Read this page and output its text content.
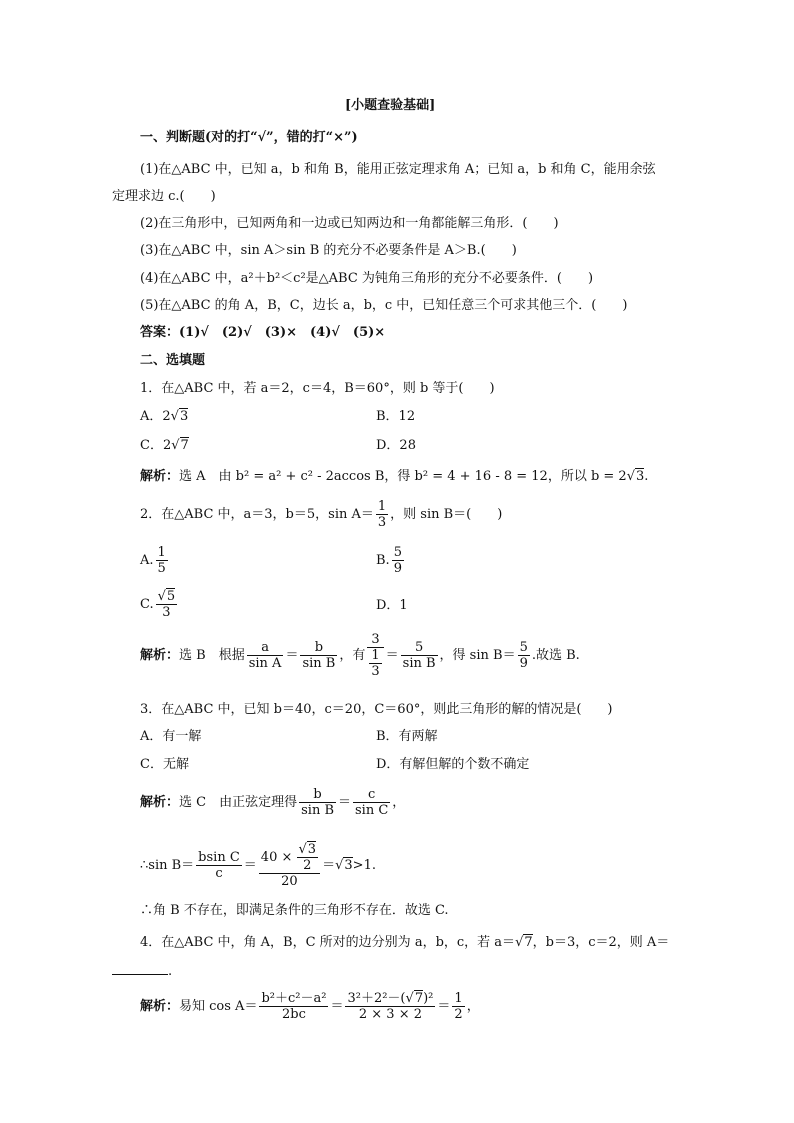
[小题查验基础]
一、判断题(对的打“√”，错的打“×”)
(1)在△ABC 中，已知 a，b 和角 B，能用正弦定理求角 A；已知 a，b 和角 C，能用余弦
定理求边 c.(　　)
(2)在三角形中，已知两角和一边或已知两边和一角都能解三角形．(　　)
(3)在△ABC 中，sin A＞sin B 的充分不必要条件是 A＞B.(　　)
(4)在△ABC 中，a²＋b²＜c²是△ABC 为钝角三角形的充分不必要条件．(　　)
(5)在△ABC 的角 A，B，C，边长 a，b，c 中，已知任意三个可求其他三个．(　　)
答案：(1)√　(2)√　(3)×　(4)√　(5)×
二、选填题
1．在△ABC 中，若 a＝2，c＝4，B＝60°，则 b 等于(　　)
A．2√3	B．12
C．2√7	D．28
解析：选 A　由 b² = a² + c² - 2accos B，得 b² = 4 + 16 - 8 = 12，所以 b = 2√3.
2．在△ABC 中，a＝3，b＝5，$\sin A= \frac{1}{3}$ ，则 sin B＝(　　)
A. $\frac{1}{5}$	B. $\frac{5}{9}$
C. $\frac{√5}{3}$	D．1
解析：选 B　根据 $\frac{a}{\text{sin A}} = \frac{b}{\text{sin B}}$ ，有 $\frac{3}{\frac{1}{3}} = \frac{5}{\text{sin B}}$ ，得 $\sin B= \frac{5}{9}$ .故选 B.
3．在△ABC 中，已知 b＝40，c＝20，C＝60°，则此三角形的解的情况是(　　)
A．有一解	B．有两解
C．无解	D．有解但解的个数不确定
解析：选 C　由正弦定理得 $\frac{b}{\text{sin B}} = \frac{c}{\text{sin C}}$ ，
∴sin $B= \frac{\text{bsin C}}{c} = \frac{40 \times \frac{√3}{2}}{20} =√3>1$.
∴角 B 不存在，即满足条件的三角形不存在．故选 C.
4．在△ABC 中，角 A，B，C 所对的边分别为 a，b，c，若 a＝√7，b＝3，c＝2，则 A＝
.
解析：易知 $\cos A= \frac{\text{b²＋c²－a²}}{2bc} = \frac{\text{3²＋2²－(√7)²}}{2 \times 3 \times 2} = \frac{1}{2}$ ，
